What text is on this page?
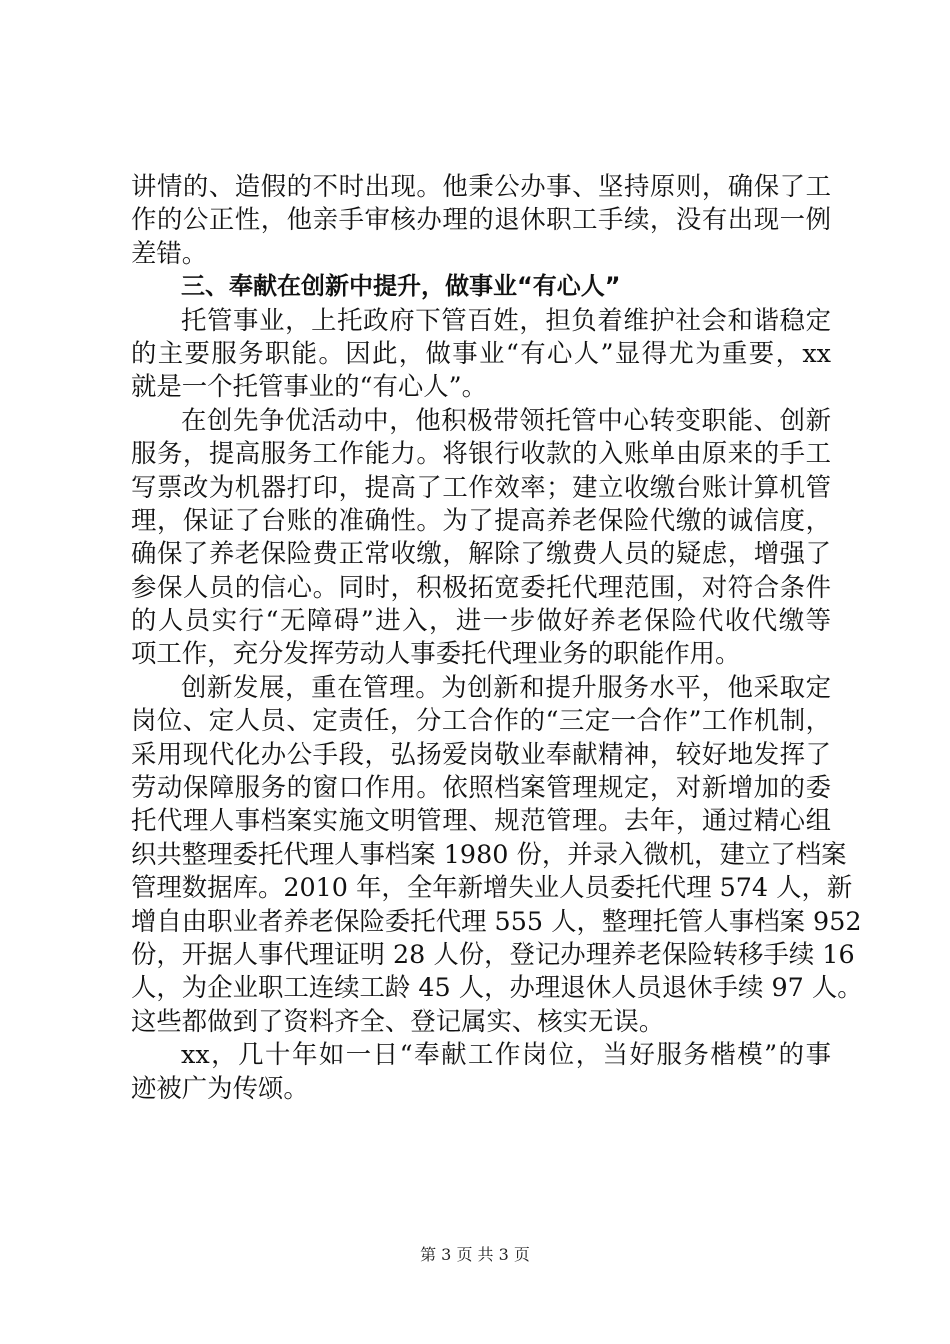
讲情的、造假的不时出现。他秉公办事、坚持原则，确保了工
作的公正性，他亲手审核办理的退休职工手续，没有出现一例
差错。
三、奉献在创新中提升，做事业“有心人”
托管事业，上托政府下管百姓，担负着维护社会和谐稳定
的主要服务职能。因此，做事业“有心人”显得尤为重要，xx
就是一个托管事业的“有心人”。
在创先争优活动中，他积极带领托管中心转变职能、创新
服务，提高服务工作能力。将银行收款的入账单由原来的手工
写票改为机器打印，提高了工作效率；建立收缴台账计算机管
理，保证了台账的准确性。为了提高养老保险代缴的诚信度，
确保了养老保险费正常收缴，解除了缴费人员的疑虑，增强了
参保人员的信心。同时，积极拓宽委托代理范围，对符合条件
的人员实行“无障碍”进入，进一步做好养老保险代收代缴等
项工作，充分发挥劳动人事委托代理业务的职能作用。
创新发展，重在管理。为创新和提升服务水平，他采取定
岗位、定人员、定责任，分工合作的“三定一合作”工作机制，
采用现代化办公手段，弘扬爱岗敬业奉献精神，较好地发挥了
劳动保障服务的窗口作用。依照档案管理规定，对新增加的委
托代理人事档案实施文明管理、规范管理。去年，通过精心组
织共整理委托代理人事档案 1980 份，并录入微机，建立了档案
管理数据库。2010 年，全年新增失业人员委托代理 574 人，新
增自由职业者养老保险委托代理 555 人，整理托管人事档案 952
份，开据人事代理证明 28 人份，登记办理养老保险转移手续 16
人，为企业职工连续工龄 45 人，办理退休人员退休手续 97 人。
这些都做到了资料齐全、登记属实、核实无误。
xx，几十年如一日“奉献工作岗位，当好服务楷模”的事
迹被广为传颂。
第 3 页 共 3 页
